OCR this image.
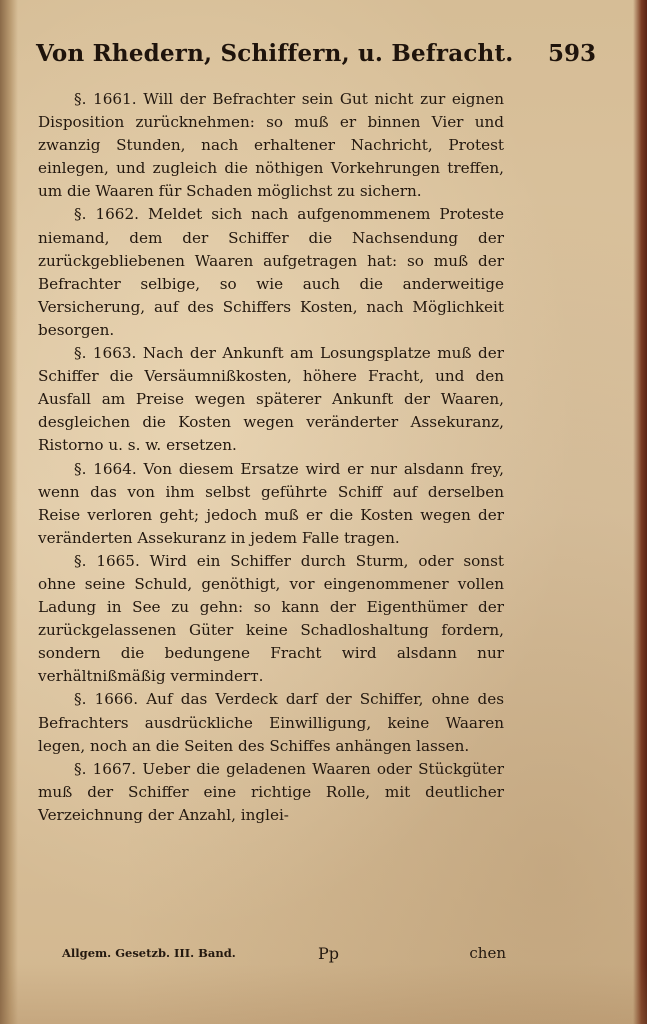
Von Rhedern, Schiffern, u. Befracht. 593

§. 1661. Will der Befrachter sein Gut nicht zur eignen Disposition zurücknehmen: so muß er binnen Vier und zwanzig Stunden, nach erhaltener Nachricht, Protest einlegen, und zugleich die nöthigen Vorkehrungen treffen, um die Waaren für Schaden möglichst zu sichern.

§. 1662. Meldet sich nach aufgenommenem Proteste niemand, dem der Schiffer die Nachsendung der zurückgebliebenen Waaren aufgetragen hat: so muß der Befrachter selbige, so wie auch die anderweitige Versicherung, auf des Schiffers Kosten, nach Möglichkeit besorgen.

§. 1663. Nach der Ankunft am Losungsplatze muß der Schiffer die Versäumnißkosten, höhere Fracht, und den Ausfall am Preise wegen späterer Ankunft der Waaren, desgleichen die Kosten wegen veränderter Assekuranz, Ristorno u. s. w. ersetzen.

§. 1664. Von diesem Ersatze wird er nur alsdann frey, wenn das von ihm selbst geführte Schiff auf derselben Reise verloren geht; jedoch muß er die Kosten wegen der veränderten Assekuranz in jedem Falle tragen.

§. 1665. Wird ein Schiffer durch Sturm, oder sonst ohne seine Schuld, genöthigt, vor eingenommener vollen Ladung in See zu gehn: so kann der Eigenthümer der zurückgelassenen Güter keine Schadloshaltung fordern, sondern die bedungene Fracht wird alsdann nur verhältnißmäßig verminderт.

§. 1666. Auf das Verdeck darf der Schiffer, ohne des Befrachters ausdrückliche Einwilligung, keine Waaren legen, noch an die Seiten des Schiffes anhängen lassen.

§. 1667. Ueber die geladenen Waaren oder Stückgüter muß der Schiffer eine richtige Rolle, mit deutlicher Verzeichnung der Anzahl, inglei-

Allgem. Gesetzb. III. Band.	Pp	chen
